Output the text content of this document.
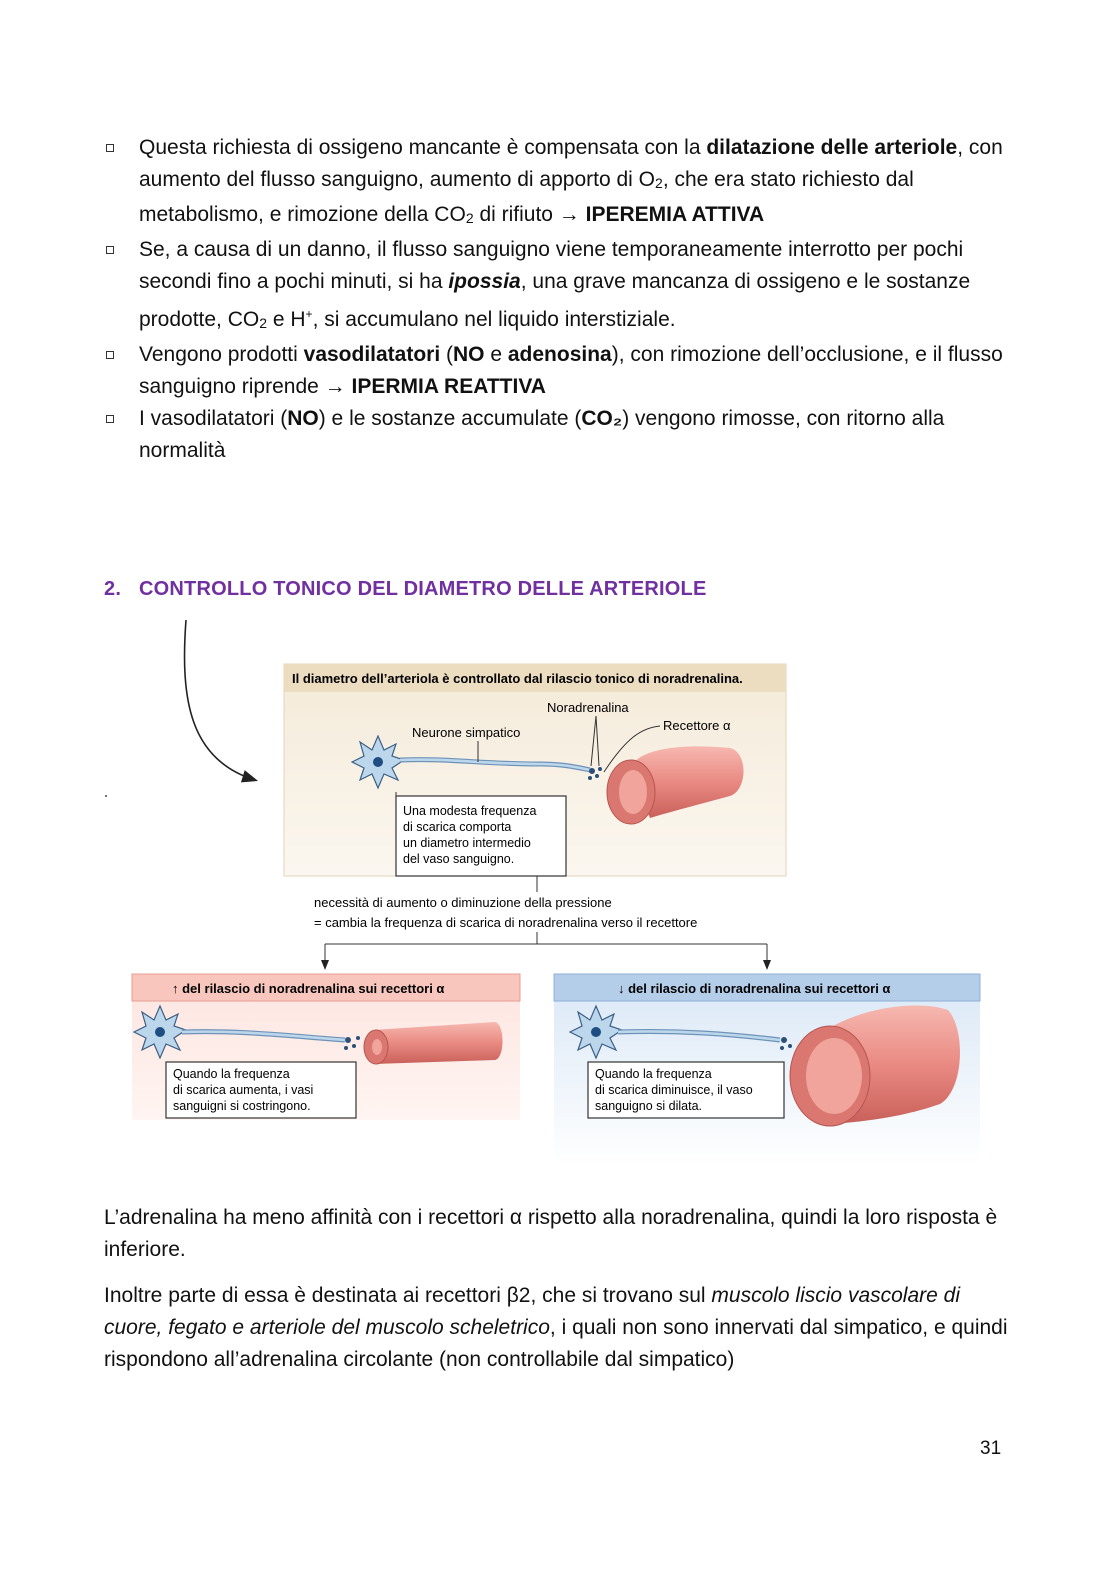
Questa richiesta di ossigeno mancante è compensata con la dilatazione delle arteriole, con aumento del flusso sanguigno, aumento di apporto di $O_2$, che era stato richiesto dal metabolismo, e rimozione della $CO_2$ di rifiuto → IPEREMIA ATTIVA
Se, a causa di un danno, il flusso sanguigno viene temporaneamente interrotto per pochi secondi fino a pochi minuti, si ha ipossia, una grave mancanza di ossigeno e le sostanze prodotte, $CO_2$ e H+, si accumulano nel liquido interstiziale.
Vengono prodotti vasodilatatori (NO e adenosina), con rimozione dell’occlusione, e il flusso sanguigno riprende → IPERMIA REATTIVA
I vasodilatatori (NO) e le sostanze accumulate (CO₂) vengono rimosse, con ritorno alla normalità
2. CONTROLLO TONICO DEL DIAMETRO DELLE ARTERIOLE
Il diametro dell’arteriola è controllato dal rilascio tonico di noradrenalina.
Neurone simpatico
Noradrenalina
Recettore α
Una modesta frequenza
di scarica comporta
un diametro intermedio
del vaso sanguigno.
necessità di aumento o diminuzione della pressione
= cambia la frequenza di scarica di noradrenalina verso il recettore
↑ del rilascio di noradrenalina sui recettori α
Quando la frequenza
di scarica aumenta, i vasi
sanguigni si costringono.
↓ del rilascio di noradrenalina sui recettori α
Quando la frequenza
di scarica diminuisce, il vaso
sanguigno si dilata.

L’adrenalina ha meno affinità con i recettori α rispetto alla noradrenalina, quindi la loro risposta è inferiore.

Inoltre parte di essa è destinata ai recettori β2, che si trovano sul muscolo liscio vascolare di cuore, fegato e arteriole del muscolo scheletrico, i quali non sono innervati dal simpatico, e quindi rispondono all’adrenalina circolante (non controllabile dal simpatico)

31
